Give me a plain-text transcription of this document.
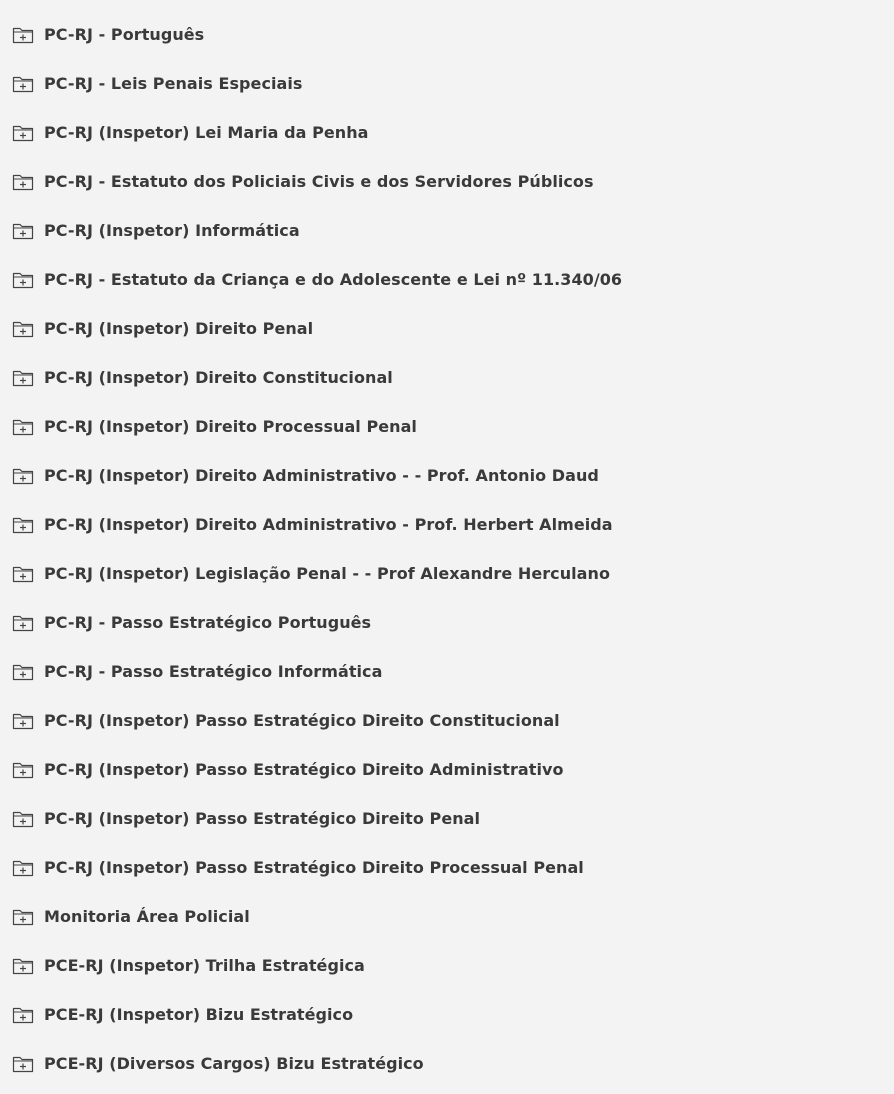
PC-RJ - Português
PC-RJ - Leis Penais Especiais
PC-RJ (Inspetor) Lei Maria da Penha
PC-RJ - Estatuto dos Policiais Civis e dos Servidores Públicos
PC-RJ (Inspetor) Informática
PC-RJ - Estatuto da Criança e do Adolescente e Lei nº 11.340/06
PC-RJ (Inspetor) Direito Penal
PC-RJ (Inspetor) Direito Constitucional
PC-RJ (Inspetor) Direito Processual Penal
PC-RJ (Inspetor) Direito Administrativo - - Prof. Antonio Daud
PC-RJ (Inspetor) Direito Administrativo - Prof. Herbert Almeida
PC-RJ (Inspetor) Legislação Penal - - Prof Alexandre Herculano
PC-RJ - Passo Estratégico Português
PC-RJ - Passo Estratégico Informática
PC-RJ (Inspetor) Passo Estratégico Direito Constitucional
PC-RJ (Inspetor) Passo Estratégico Direito Administrativo
PC-RJ (Inspetor) Passo Estratégico Direito Penal
PC-RJ (Inspetor) Passo Estratégico Direito Processual Penal
Monitoria Área Policial
PCE-RJ (Inspetor) Trilha Estratégica
PCE-RJ (Inspetor) Bizu Estratégico
PCE-RJ (Diversos Cargos) Bizu Estratégico
